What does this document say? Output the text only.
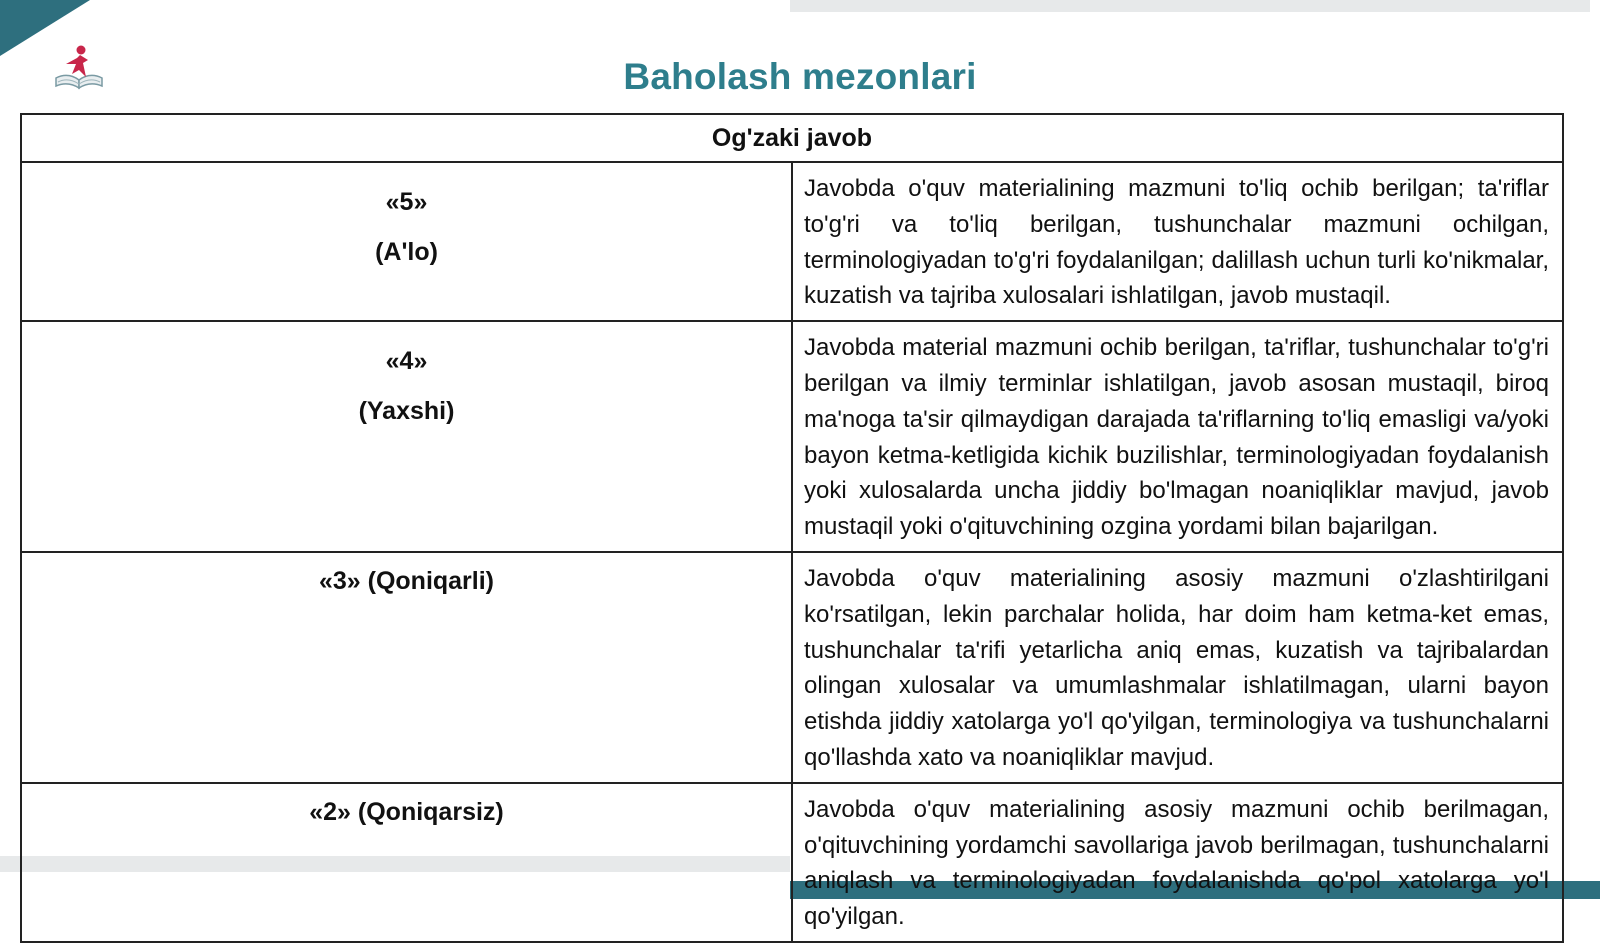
Baholash mezonlari
Og'zaki javob	

«5»
(A'lo)	Javobda o'quv materialining mazmuni to'liq ochib berilgan; ta'riflar to'g'ri va to'liq berilgan, tushunchalar mazmuni ochilgan, terminologiyadan to'g'ri foydalanilgan; dalillash uchun turli ko'nikmalar, kuzatish va tajriba xulosalari ishlatilgan, javob mustaqil.

«4»
(Yaxshi)	Javobda material mazmuni ochib berilgan, ta'riflar, tushunchalar to'g'ri berilgan va ilmiy terminlar ishlatilgan, javob asosan mustaqil, biroq ma'noga ta'sir qilmaydigan darajada ta'riflarning to'liq emasligi va/yoki bayon ketma-ketligida kichik buzilishlar, terminologiyadan foydalanish yoki xulosalarda uncha jiddiy bo'lmagan noaniqliklar mavjud, javob mustaqil yoki o'qituvchining ozgina yordami bilan bajarilgan.
«3» (Qoniqarli)	Javobda o'quv materialining asosiy mazmuni o'zlashtirilgani ko'rsatilgan, lekin parchalar holida, har doim ham ketma-ket emas, tushunchalar ta'rifi yetarlicha aniq emas, kuzatish va tajribalardan olingan xulosalar va umumlashmalar ishlatilmagan, ularni bayon etishda jiddiy xatolarga yo'l qo'yilgan, terminologiya va tushunchalarni qo'llashda xato va noaniqliklar mavjud.
«2» (Qoniqarsiz)	Javobda o'quv materialining asosiy mazmuni ochib berilmagan, o'qituvchining yordamchi savollariga javob berilmagan, tushunchalarni aniqlash va terminologiyadan foydalanishda qo'pol xatolarga yo'l qo'yilgan.
